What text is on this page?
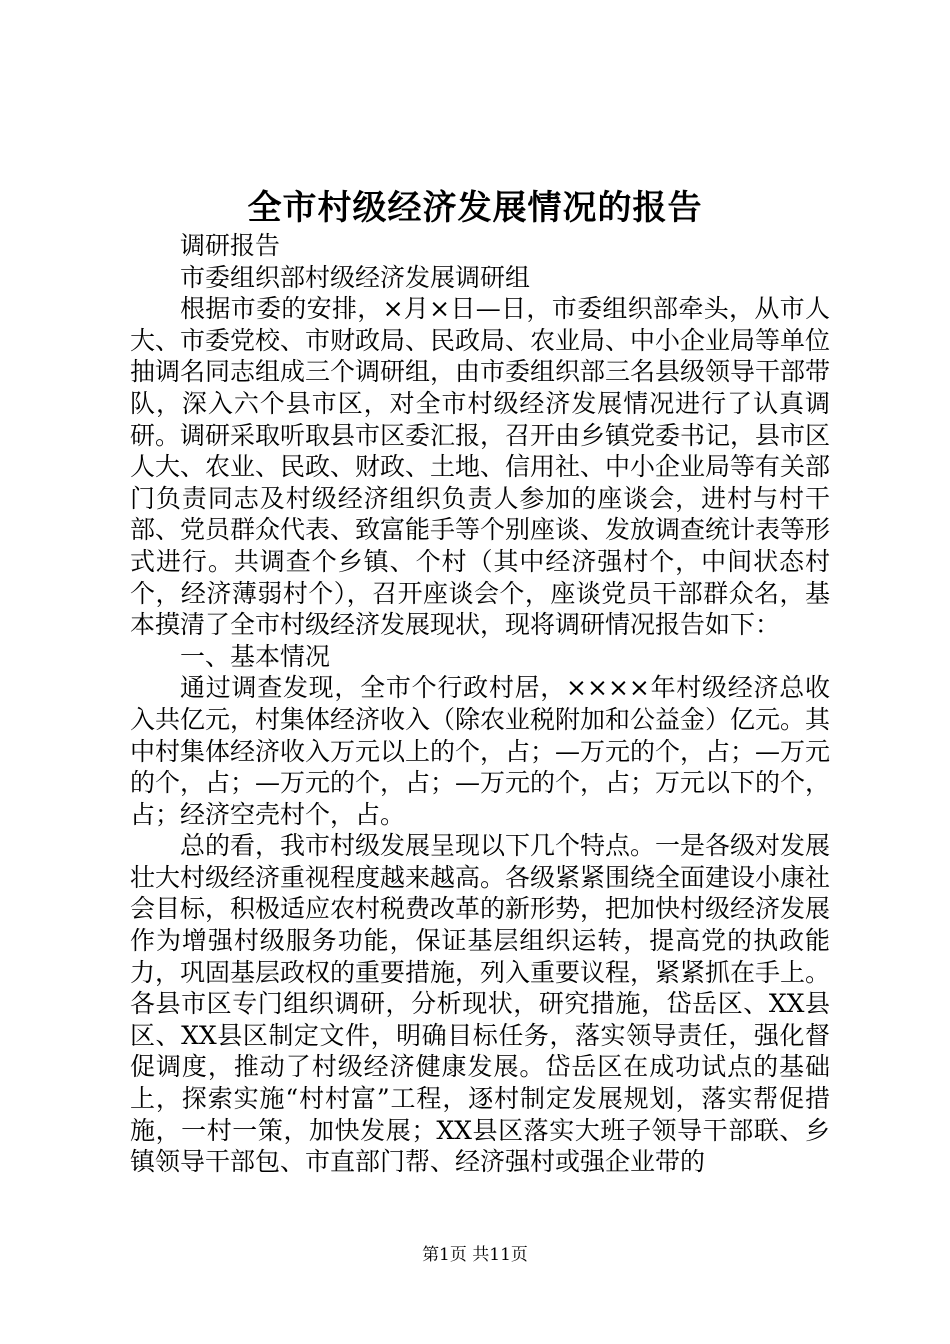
全市村级经济发展情况的报告

调研报告

市委组织部村级经济发展调研组

根据市委的安排，×月×日—日，市委组织部牵头，从市人大、市委党校、市财政局、民政局、农业局、中小企业局等单位抽调名同志组成三个调研组，由市委组织部三名县级领导干部带队，深入六个县市区，对全市村级经济发展情况进行了认真调研。调研采取听取县市区委汇报，召开由乡镇党委书记，县市区人大、农业、民政、财政、土地、信用社、中小企业局等有关部门负责同志及村级经济组织负责人参加的座谈会，进村与村干部、党员群众代表、致富能手等个别座谈、发放调查统计表等形式进行。共调查个乡镇、个村（其中经济强村个，中间状态村个，经济薄弱村个），召开座谈会个，座谈党员干部群众名，基本摸清了全市村级经济发展现状，现将调研情况报告如下：

一、基本情况

通过调查发现，全市个行政村居，××××年村级经济总收入共亿元，村集体经济收入（除农业税附加和公益金）亿元。其中村集体经济收入万元以上的个，占；—万元的个，占；—万元的个，占；—万元的个，占；—万元的个，占；万元以下的个，占；经济空壳村个，占。

总的看，我市村级发展呈现以下几个特点。一是各级对发展壮大村级经济重视程度越来越高。各级紧紧围绕全面建设小康社会目标，积极适应农村税费改革的新形势，把加快村级经济发展作为增强村级服务功能，保证基层组织运转，提高党的执政能力，巩固基层政权的重要措施，列入重要议程，紧紧抓在手上。各县市区专门组织调研，分析现状，研究措施，岱岳区、XX县区、XX县区制定文件，明确目标任务，落实领导责任，强化督促调度，推动了村级经济健康发展。岱岳区在成功试点的基础上，探索实施“村村富”工程，逐村制定发展规划，落实帮促措施，一村一策，加快发展；XX县区落实大班子领导干部联、乡镇领导干部包、市直部门帮、经济强村或强企业带的

第1页 共11页
